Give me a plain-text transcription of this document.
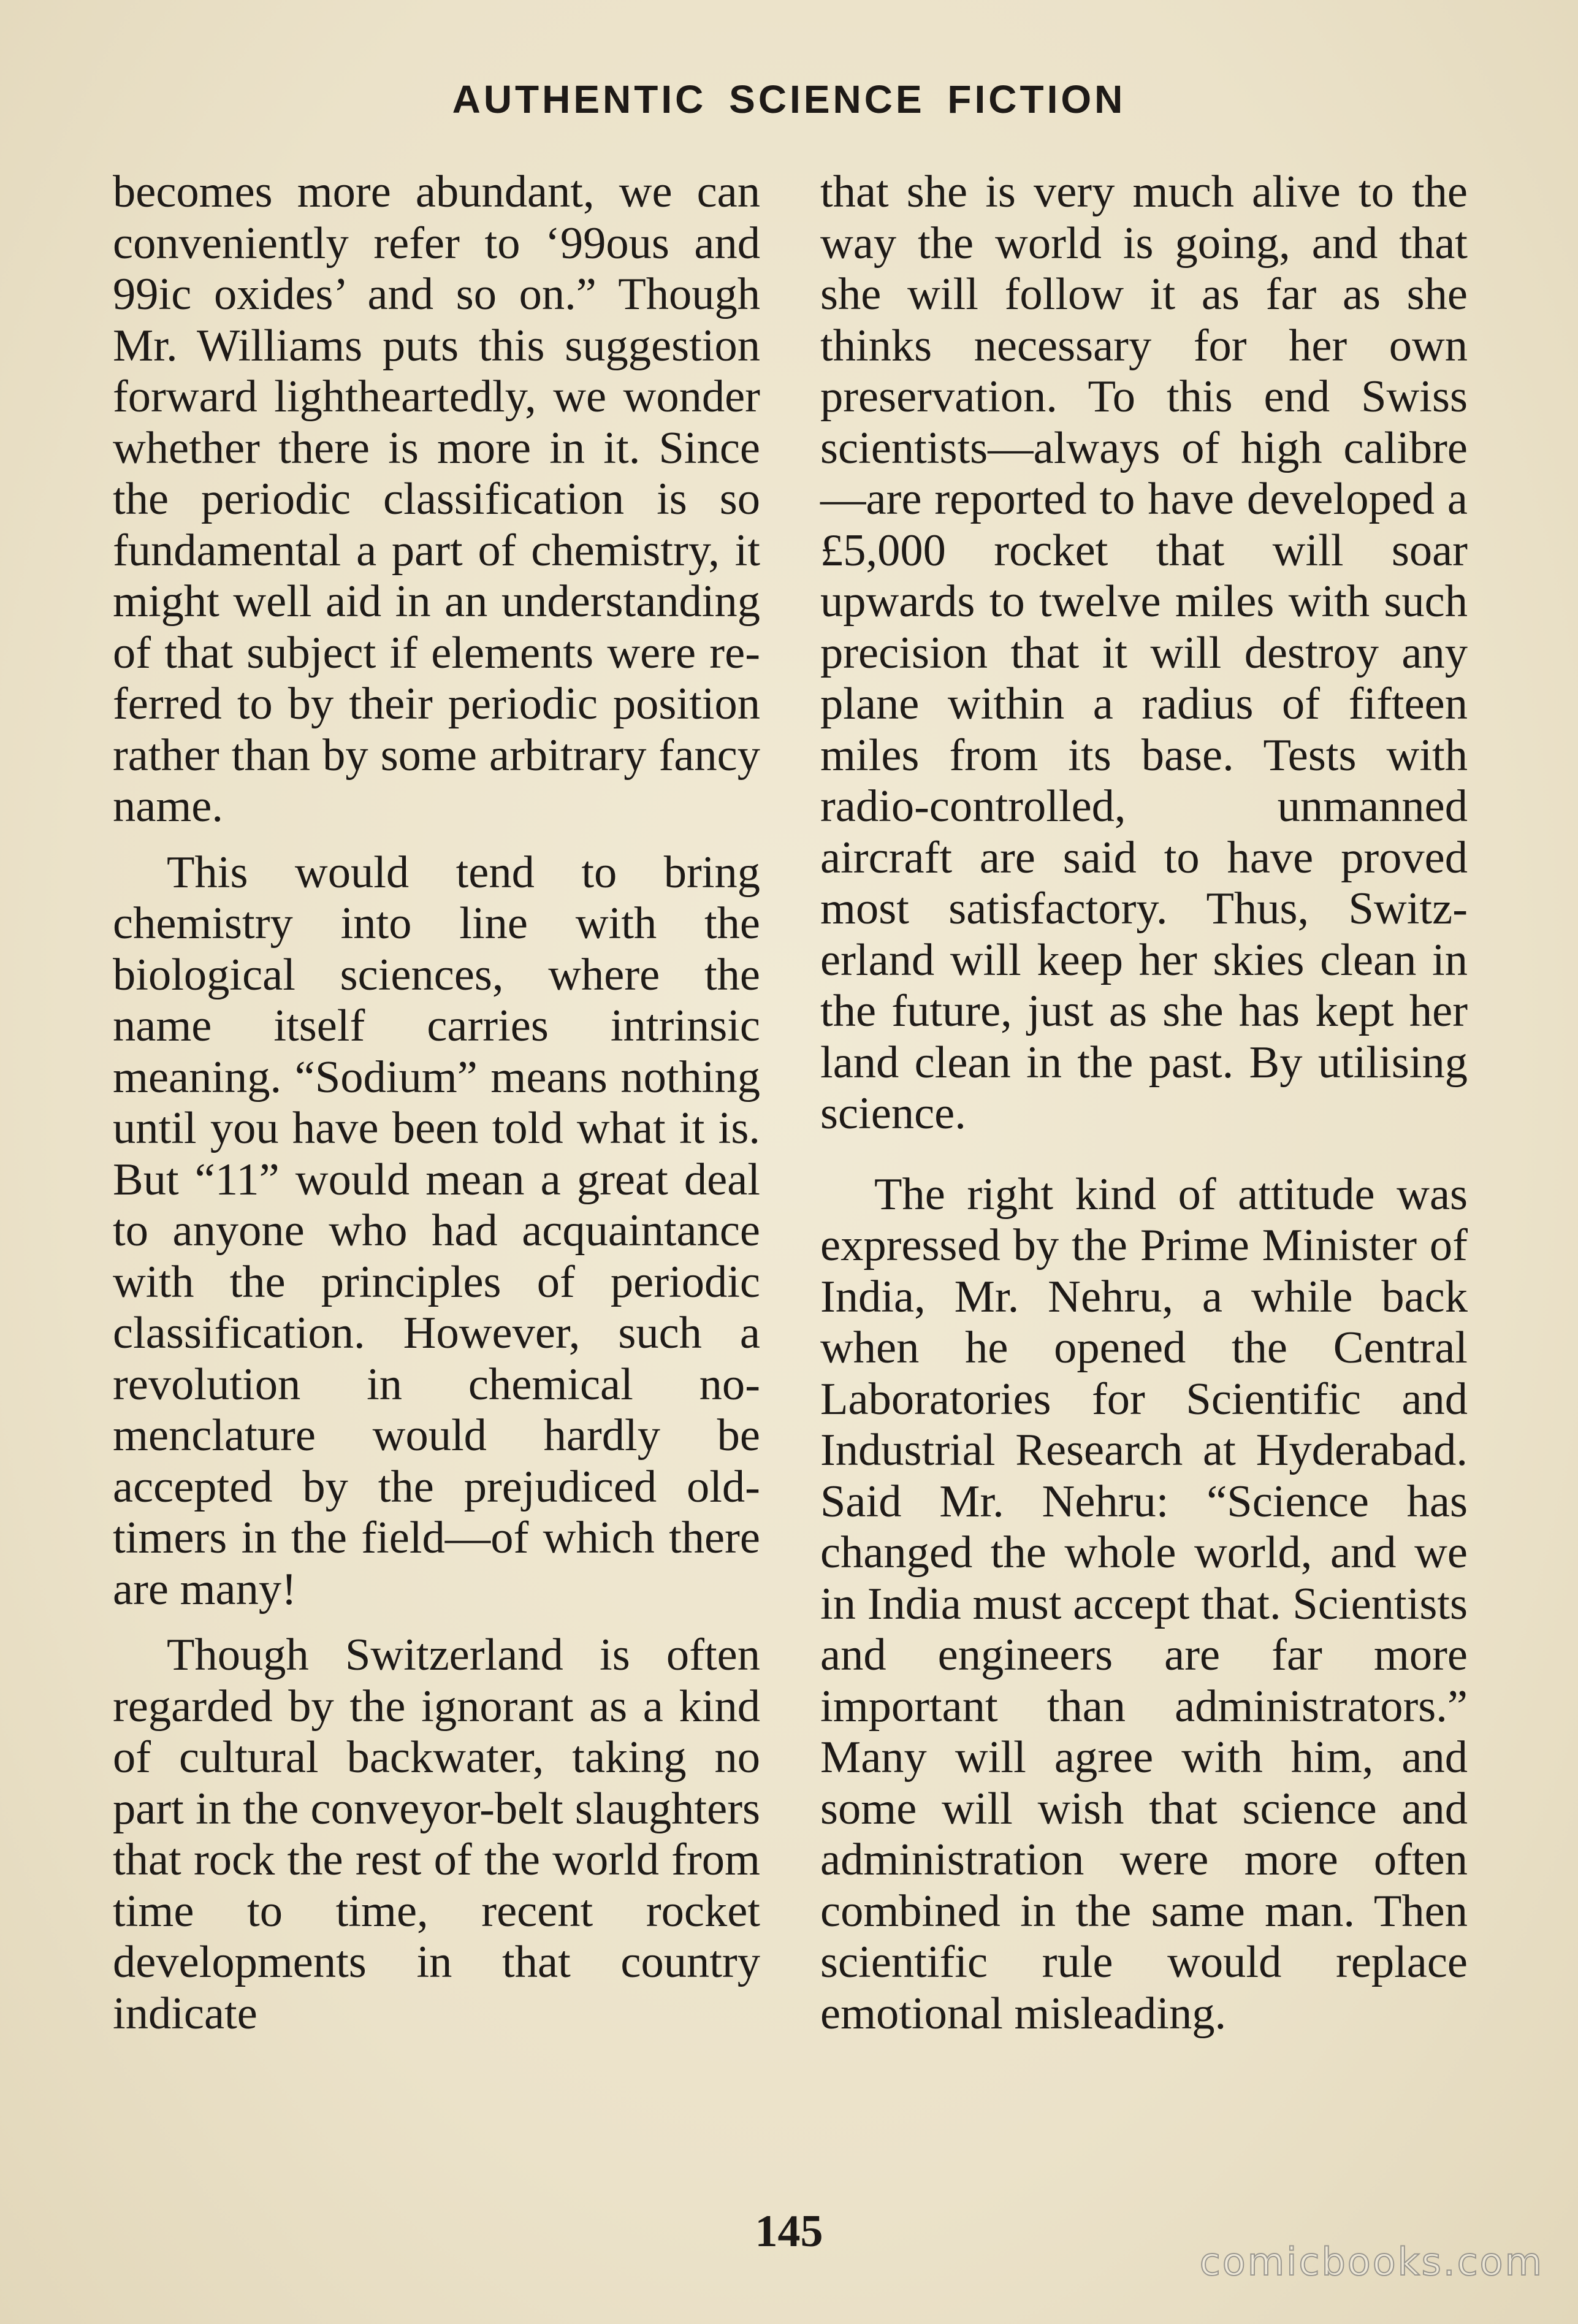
AUTHENTIC SCIENCE FICTION

becomes more abundant, we can conveniently refer to ‘99ous and 99ic oxides’ and so on.” Though Mr. Williams puts this suggestion forward lightheartedly, we wonder whether there is more in it. Since the periodic classification is so fundamental a part of chemistry, it might well aid in an understanding of that subject if elements were referred to by their periodic position rather than by some arbitrary fancy name.

This would tend to bring chemistry into line with the biological sciences, where the name itself carries intrinsic meaning. “Sodium” means nothing until you have been told what it is. But “11” would mean a great deal to anyone who had acquaintance with the principles of periodic classification. However, such a revolution in chemical nomenclature would hardly be accepted by the prejudiced old-timers in the field—of which there are many!

Though Switzerland is often regarded by the ignorant as a kind of cultural backwater, taking no part in the conveyor-belt slaughters that rock the rest of the world from time to time, recent rocket developments in that country indicate

that she is very much alive to the way the world is going, and that she will follow it as far as she thinks necessary for her own preservation. To this end Swiss scientists—always of high calibre—are reported to have developed a £5,000 rocket that will soar upwards to twelve miles with such precision that it will destroy any plane within a radius of fifteen miles from its base. Tests with radio-controlled, unmanned aircraft are said to have proved most satisfactory. Thus, Switzerland will keep her skies clean in the future, just as she has kept her land clean in the past. By utilising science.

The right kind of attitude was expressed by the Prime Minister of India, Mr. Nehru, a while back when he opened the Central Laboratories for Scientific and Industrial Research at Hyderabad. Said Mr. Nehru: “Science has changed the whole world, and we in India must accept that. Scientists and engineers are far more important than administrators.” Many will agree with him, and some will wish that science and administration were more often combined in the same man. Then scientific rule would replace emotional misleading.

145
comicbooks.com
